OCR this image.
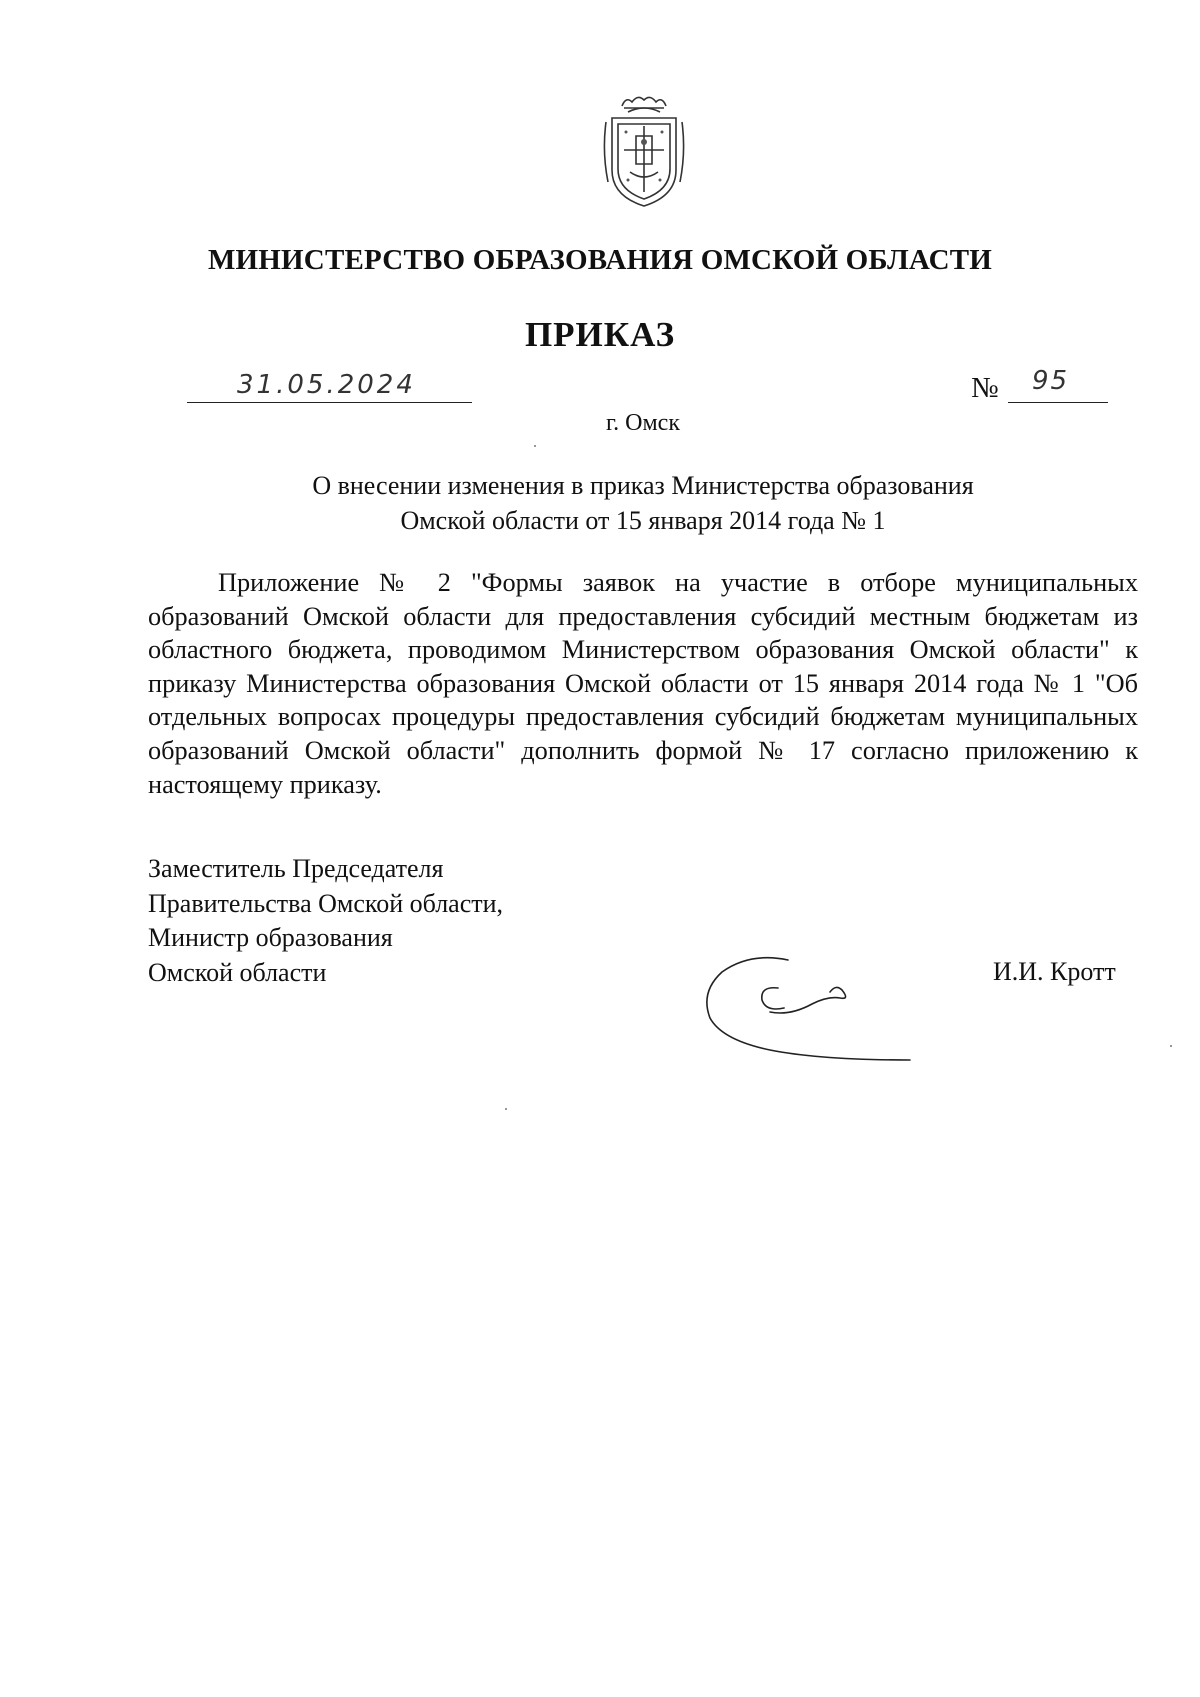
МИНИСТЕРСТВО ОБРАЗОВАНИЯ ОМСКОЙ ОБЛАСТИ
ПРИКАЗ
31.05.2024	№ 95
г. Омск
О внесении изменения в приказ Министерства образования
Омской области от 15 января 2014 года № 1
Приложение № 2 "Формы заявок на участие в отборе муниципальных образований Омской области для предоставления субсидий местным бюджетам из областного бюджета, проводимом Министерством образования Омской области" к приказу Министерства образования Омской области от 15 января 2014 года № 1 "Об отдельных вопросах процедуры предоставления субсидий бюджетам муниципальных образований Омской области" дополнить формой № 17 согласно приложению к настоящему приказу.
Заместитель Председателя
Правительства Омской области,
Министр образования
Омской области	И.И. Кротт
